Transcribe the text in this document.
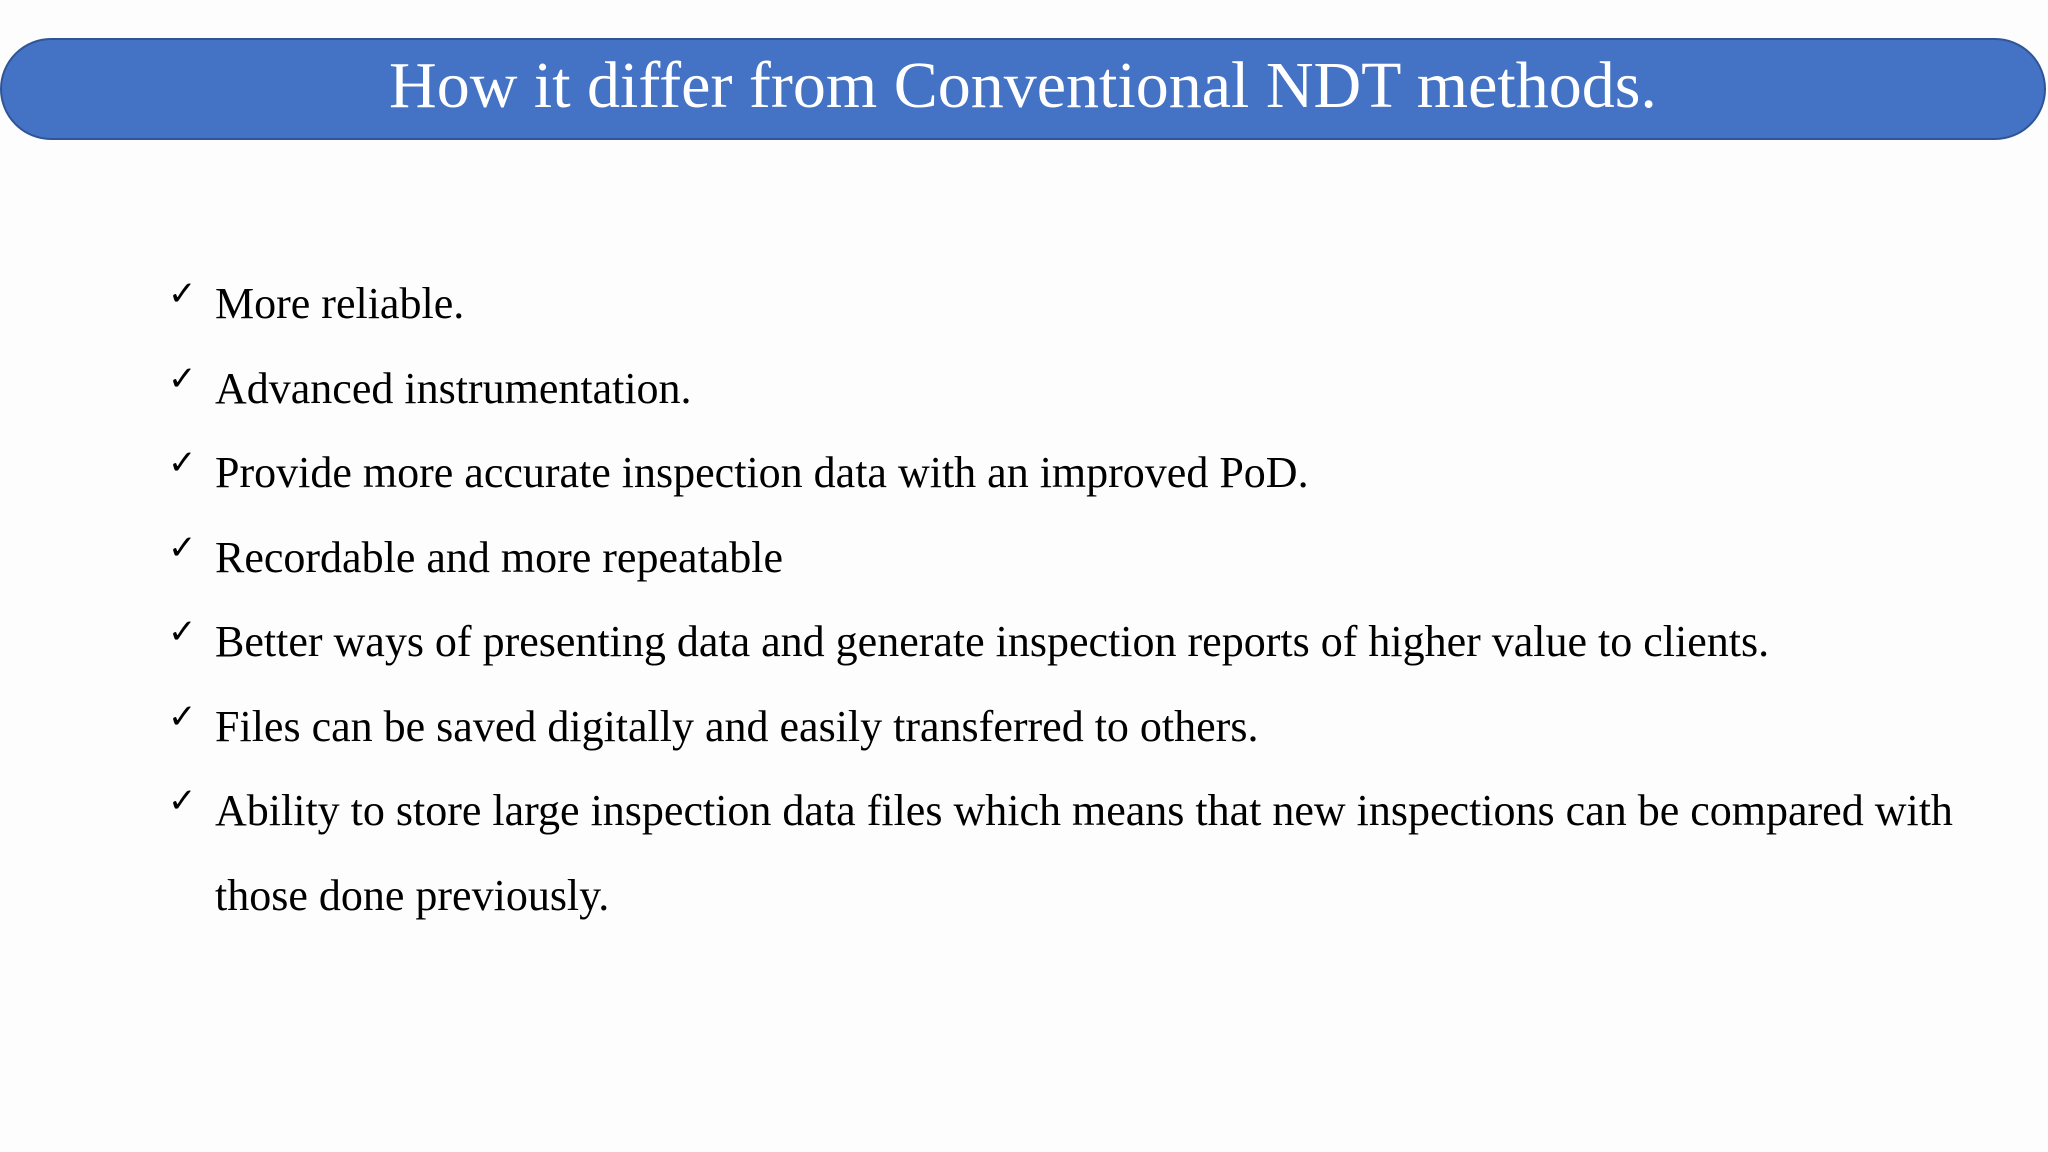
How it differ from Conventional NDT methods.
✓ More reliable.
✓ Advanced instrumentation.
✓ Provide more accurate inspection data with an improved PoD.
✓ Recordable and more repeatable
✓ Better ways of presenting data and generate inspection reports of higher value to clients.
✓ Files can be saved digitally and easily transferred to others.
✓ Ability to store large inspection data files which means that new inspections can be compared with those done previously.
